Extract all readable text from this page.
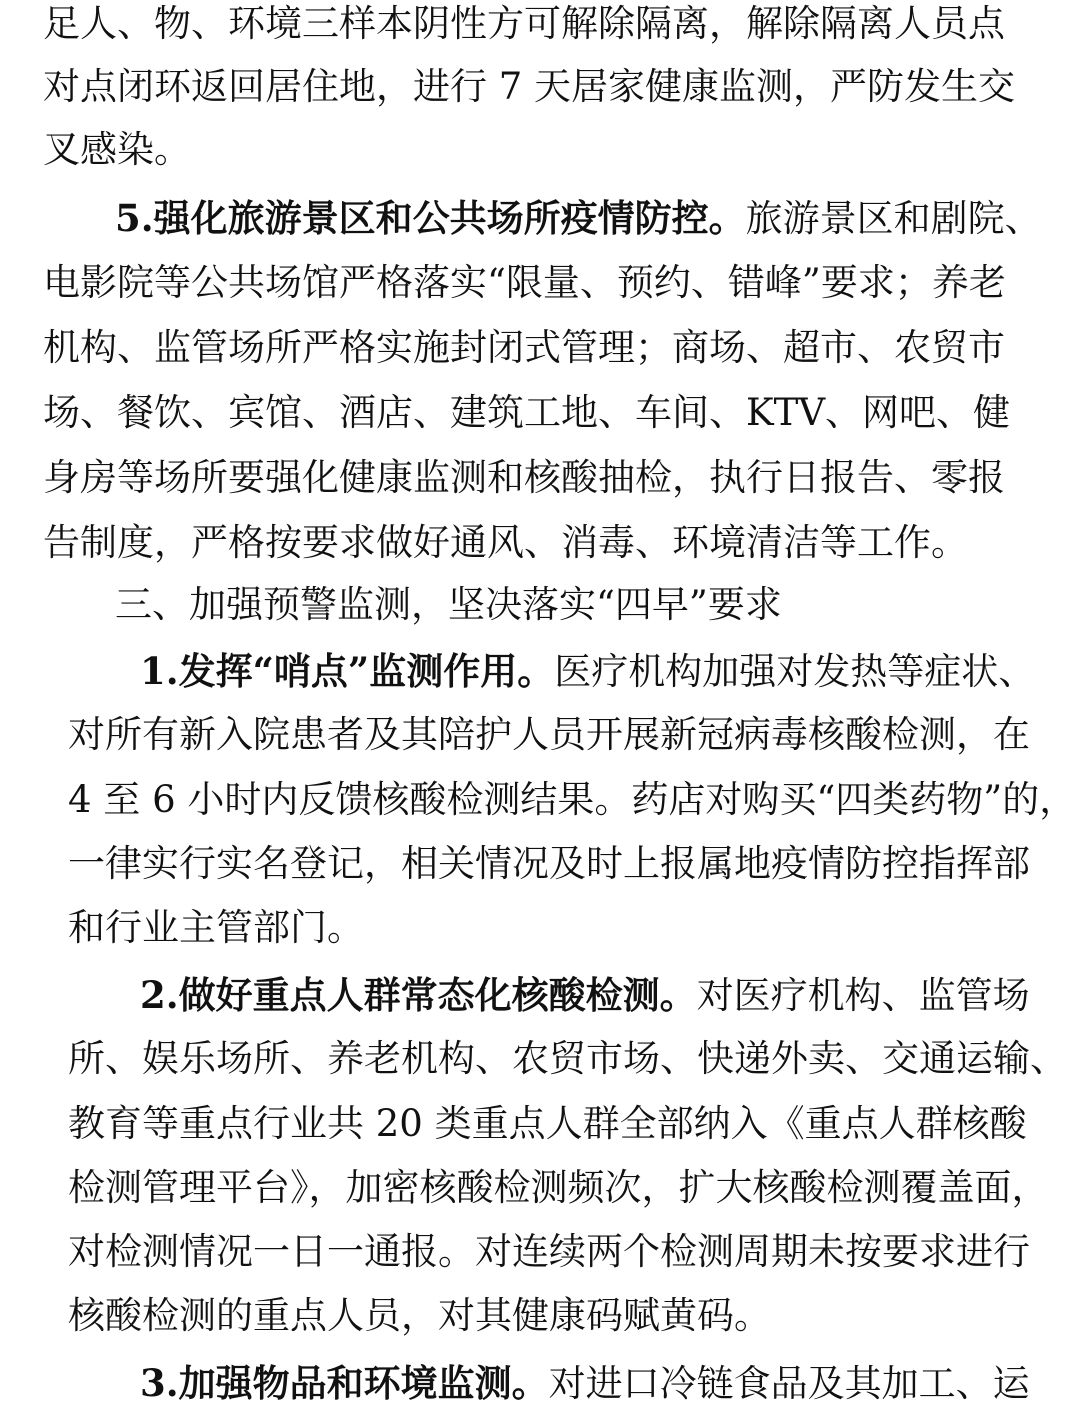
足人、物、环境三样本阴性方可解除隔离，解除隔离人员点
对点闭环返回居住地，进行 7 天居家健康监测，严防发生交
叉感染。
5.强化旅游景区和公共场所疫情防控。旅游景区和剧院、
电影院等公共场馆严格落实“限量、预约、错峰”要求；养老
机构、监管场所严格实施封闭式管理；商场、超市、农贸市
场、餐饮、宾馆、酒店、建筑工地、车间、KTV、网吧、健
身房等场所要强化健康监测和核酸抽检，执行日报告、零报
告制度，严格按要求做好通风、消毒、环境清洁等工作。
三、加强预警监测，坚决落实“四早”要求
1.发挥“哨点”监测作用。医疗机构加强对发热等症状、
对所有新入院患者及其陪护人员开展新冠病毒核酸检测，在
4 至 6 小时内反馈核酸检测结果。药店对购买“四类药物”的，
一律实行实名登记，相关情况及时上报属地疫情防控指挥部
和行业主管部门。
2.做好重点人群常态化核酸检测。对医疗机构、监管场
所、娱乐场所、养老机构、农贸市场、快递外卖、交通运输、
教育等重点行业共 20 类重点人群全部纳入《重点人群核酸
检测管理平台》，加密核酸检测频次，扩大核酸检测覆盖面，
对检测情况一日一通报。对连续两个检测周期未按要求进行
核酸检测的重点人员，对其健康码赋黄码。
3.加强物品和环境监测。对进口冷链食品及其加工、运
